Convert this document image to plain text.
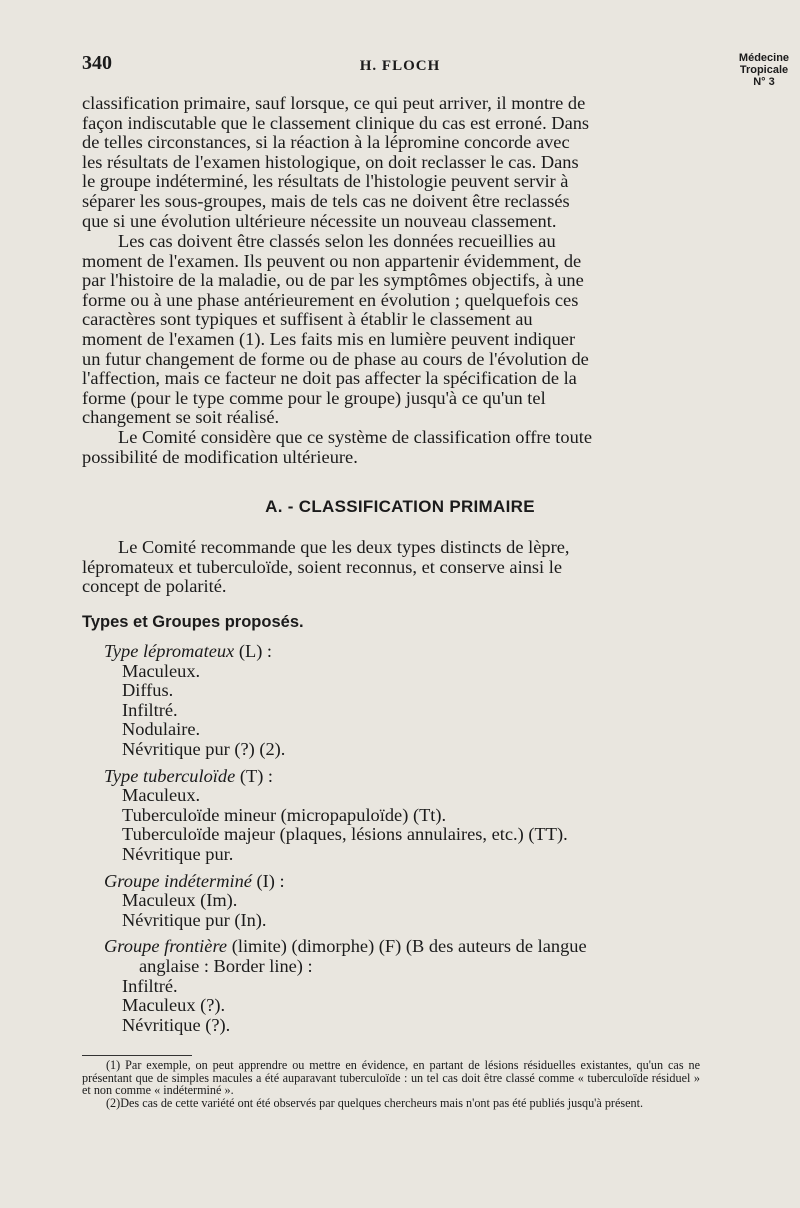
340	H. FLOCH	Médecine
Tropicale
N° 3
classification primaire, sauf lorsque, ce qui peut arriver, il montre de
façon indiscutable que le classement clinique du cas est erroné. Dans
de telles circonstances, si la réaction à la lépromine concorde avec
les résultats de l'examen histologique, on doit reclasser le cas. Dans
le groupe indéterminé, les résultats de l'histologie peuvent servir à
séparer les sous-groupes, mais de tels cas ne doivent être reclassés
que si une évolution ultérieure nécessite un nouveau classement.
Les cas doivent être classés selon les données recueillies au
moment de l'examen. Ils peuvent ou non appartenir évidemment, de
par l'histoire de la maladie, ou de par les symptômes objectifs, à une
forme ou à une phase antérieurement en évolution ; quelquefois ces
caractères sont typiques et suffisent à établir le classement au
moment de l'examen (1). Les faits mis en lumière peuvent indiquer
un futur changement de forme ou de phase au cours de l'évolution de
l'affection, mais ce facteur ne doit pas affecter la spécification de la
forme (pour le type comme pour le groupe) jusqu'à ce qu'un tel
changement se soit réalisé.
Le Comité considère que ce système de classification offre toute
possibilité de modification ultérieure.
A. - CLASSIFICATION PRIMAIRE
Le Comité recommande que les deux types distincts de lèpre,
lépromateux et tuberculoïde, soient reconnus, et conserve ainsi le
concept de polarité.
Types et Groupes proposés.
Type lépromateux (L) :
Maculeux.
Diffus.
Infiltré.
Nodulaire.
Névritique pur (?) (2).
Type tuberculoïde (T) :
Maculeux.
Tuberculoïde mineur (micropapuloïde) (Tt).
Tuberculoïde majeur (plaques, lésions annulaires, etc.) (TT).
Névritique pur.
Groupe indéterminé (I) :
Maculeux (Im).
Névritique pur (In).
Groupe frontière (limite) (dimorphe) (F) (B des auteurs de langue
anglaise : Border line) :
Infiltré.
Maculeux (?).
Névritique (?).
(1) Par exemple, on peut apprendre ou mettre en évidence, en partant de lésions résiduelles existantes, qu'un cas ne présentant que de simples macules a été auparavant tuberculoïde : un tel cas doit être classé comme « tuberculoïde résiduel » et non comme « indéterminé ».
(2)Des cas de cette variété ont été observés par quelques chercheurs mais n'ont pas été publiés jusqu'à présent.
